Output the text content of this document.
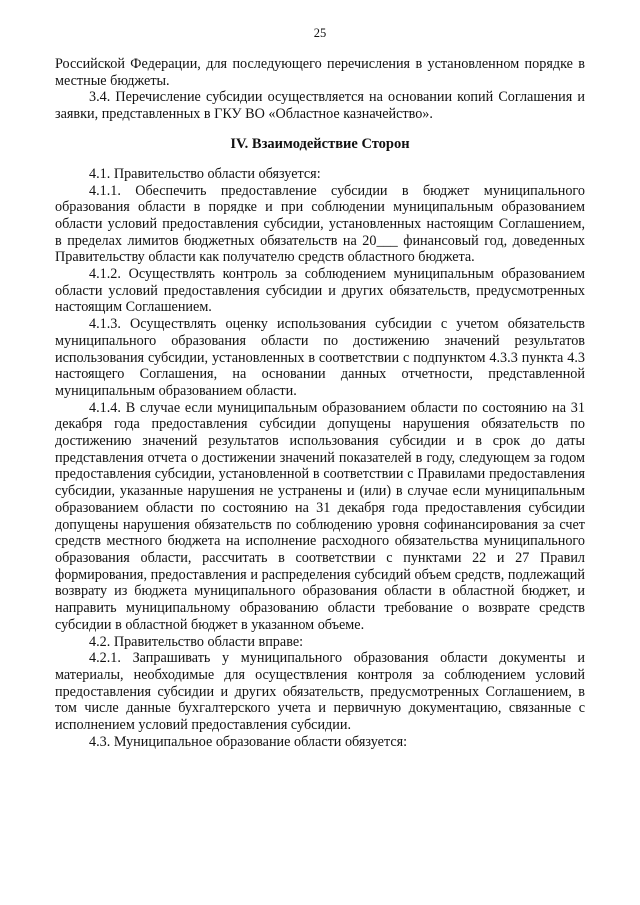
25

Российской Федерации, для последующего перечисления в установленном порядке в местные бюджеты.

3.4. Перечисление субсидии осуществляется на основании копий Соглашения и заявки, представленных в ГКУ ВО «Областное казначейство».

IV. Взаимодействие Сторон

4.1. Правительство области обязуется:

4.1.1. Обеспечить предоставление субсидии в бюджет муниципального образования области в порядке и при соблюдении муниципальным образованием области условий предоставления субсидии, установленных настоящим Соглашением, в пределах лимитов бюджетных обязательств на 20___ финансовый год, доведенных Правительству области как получателю средств областного бюджета.

4.1.2. Осуществлять контроль за соблюдением муниципальным образованием области условий предоставления субсидии и других обязательств, предусмотренных настоящим Соглашением.

4.1.3. Осуществлять оценку использования субсидии с учетом обязательств муниципального образования области по достижению значений результатов использования субсидии, установленных в соответствии с подпунктом 4.3.3 пункта 4.3 настоящего Соглашения, на основании данных отчетности, представленной муниципальным образованием области.

4.1.4. В случае если муниципальным образованием области по состоянию на 31 декабря года предоставления субсидии допущены нарушения обязательств по достижению значений результатов использования субсидии и в срок до даты представления отчета о достижении значений показателей в году, следующем за годом предоставления субсидии, установленной в соответствии с Правилами предоставления субсидии, указанные нарушения не устранены и (или) в случае если муниципальным образованием области по состоянию на 31 декабря года предоставления субсидии допущены нарушения обязательств по соблюдению уровня софинансирования за счет средств местного бюджета на исполнение расходного обязательства муниципального образования области, рассчитать в соответствии с пунктами 22 и 27 Правил формирования, предоставления и распределения субсидий объем средств, подлежащий возврату из бюджета муниципального образования области в областной бюджет, и направить муниципальному образованию области требование о возврате средств субсидии в областной бюджет в указанном объеме.

4.2. Правительство области вправе:

4.2.1. Запрашивать у муниципального образования области документы и материалы, необходимые для осуществления контроля за соблюдением условий предоставления субсидии и других обязательств, предусмотренных Соглашением, в том числе данные бухгалтерского учета и первичную документацию, связанные с исполнением условий предоставления субсидии.

4.3. Муниципальное образование области обязуется:
